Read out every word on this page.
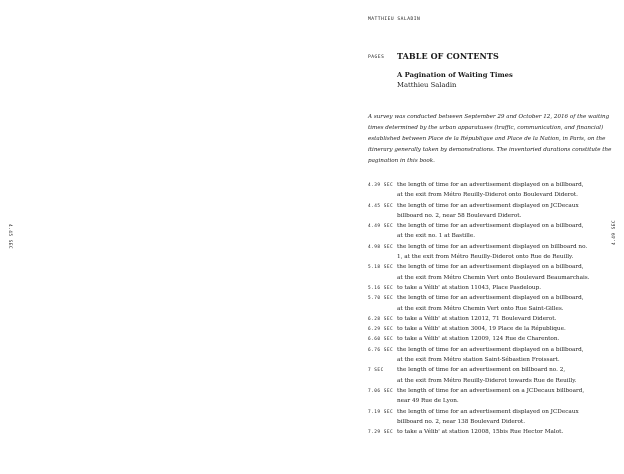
MATTHIEU SALADIN
PAGES TABLE OF CONTENTS
A Pagination of Waiting Times
Matthieu Saladin

A survey was conducted between September 29 and October 12, 2016 of the waiting times determined by the urban apparatuses (traffic, communication, and financial) established between Place de la République and Place de la Nation, in Paris, on the itinerary generally taken by demonstrations. The inventoried durations constitute the pagination in this book.

4.39 SEC the length of time for an advertisement displayed on a billboard,
at the exit from Métro Reuilly-Diderot onto Boulevard Diderot.
4.45 SEC the length of time for an advertisement displayed on JCDecaux
billboard no. 2, near 58 Boulevard Diderot.
4.49 SEC the length of time for an advertisement displayed on a billboard,
at the exit no. 1 at Bastille.
4.98 SEC the length of time for an advertisement displayed on billboard no.
1, at the exit from Métro Reuilly-Diderot onto Rue de Reuilly.
5.18 SEC the length of time for an advertisement displayed on a billboard,
at the exit from Métro Chemin Vert onto Boulevard Beaumarchais.
5.16 SEC to take a Vélib' at station 11043, Place Pasdeloup.
5.70 SEC the length of time for an advertisement displayed on a billboard,
at the exit from Métro Chemin Vert onto Rue Saint-Gilles.
6.28 SEC to take a Vélib' at station 12012, 71 Boulevard Diderot.
6.29 SEC to take a Vélib' at station 3004, 19 Place de la République.
6.60 SEC to take a Vélib' at station 12009, 124 Rue de Charenton.
6.76 SEC the length of time for an advertisement displayed on a billboard,
at the exit from Métro station Saint-Sébastien Froissart.
7 SEC	the length of time for an advertisement on billboard no. 2,
at the exit from Métro Reuilly-Diderot towards Rue de Reuilly.
7.06 SEC the length of time for an advertisement on a JCDecaux billboard,
near 49 Rue de Lyon.
7.19 SEC the length of time for an advertisement displayed on JCDecaux
billboard no. 2, near 138 Boulevard Diderot.
7.29 SEC to take a Vélib' at station 12008, 15bis Rue Hector Malot.
4.45 SEC	4.49 SEC
